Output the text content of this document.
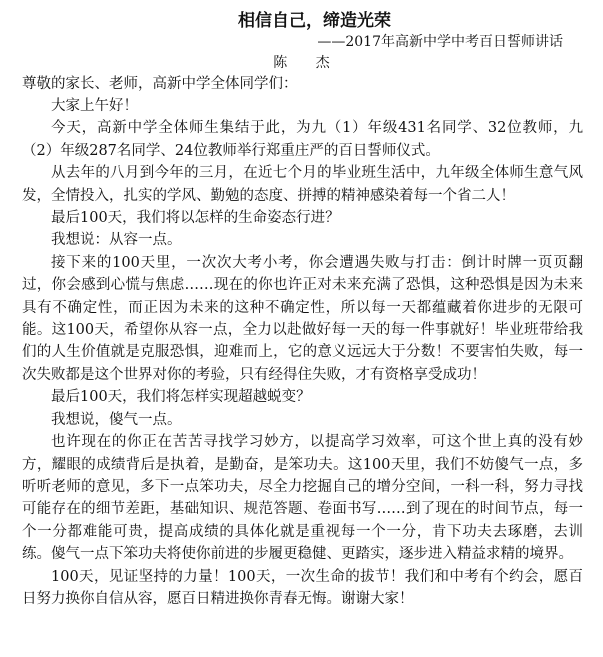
相信自己，缔造光荣

——2017年高新中学中考百日誓师讲话

陈 杰

尊敬的家长、老师，高新中学全体同学们：

大家上午好！

今天，高新中学全体师生集结于此，为九（1）年级431名同学、32位教师，九（2）年级287名同学、24位教师举行郑重庄严的百日誓师仪式。

从去年的八月到今年的三月，在近七个月的毕业班生活中，九年级全体师生意气风发，全情投入，扎实的学风、勤勉的态度、拼搏的精神感染着每一个省二人！

最后100天，我们将以怎样的生命姿态行进？

我想说：从容一点。

接下来的100天里，一次次大考小考，你会遭遇失败与打击：倒计时牌一页页翻过，你会感到心慌与焦虑……现在的你也许正对未来充满了恐惧，这种恐惧是因为未来具有不确定性，而正因为未来的这种不确定性，所以每一天都蕴藏着你进步的无限可能。这100天，希望你从容一点，全力以赴做好每一天的每一件事就好！毕业班带给我们的人生价值就是克服恐惧，迎难而上，它的意义远远大于分数！不要害怕失败，每一次失败都是这个世界对你的考验，只有经得住失败，才有资格享受成功！

最后100天，我们将怎样实现超越蜕变？

我想说，傻气一点。

也许现在的你正在苦苦寻找学习妙方，以提高学习效率，可这个世上真的没有妙方，耀眼的成绩背后是执着，是勤奋，是笨功夫。这100天里，我们不妨傻气一点，多听听老师的意见，多下一点笨功夫，尽全力挖掘自己的增分空间，一科一科，努力寻找可能存在的细节差距，基础知识、规范答题、卷面书写……到了现在的时间节点，每一个一分都难能可贵，提高成绩的具体化就是重视每一个一分，肯下功夫去琢磨，去训练。傻气一点下笨功夫将使你前进的步履更稳健、更踏实，逐步进入精益求精的境界。

100天，见证坚持的力量！100天，一次生命的拔节！我们和中考有个约会，愿百日努力换你自信从容，愿百日精进换你青春无悔。谢谢大家！
